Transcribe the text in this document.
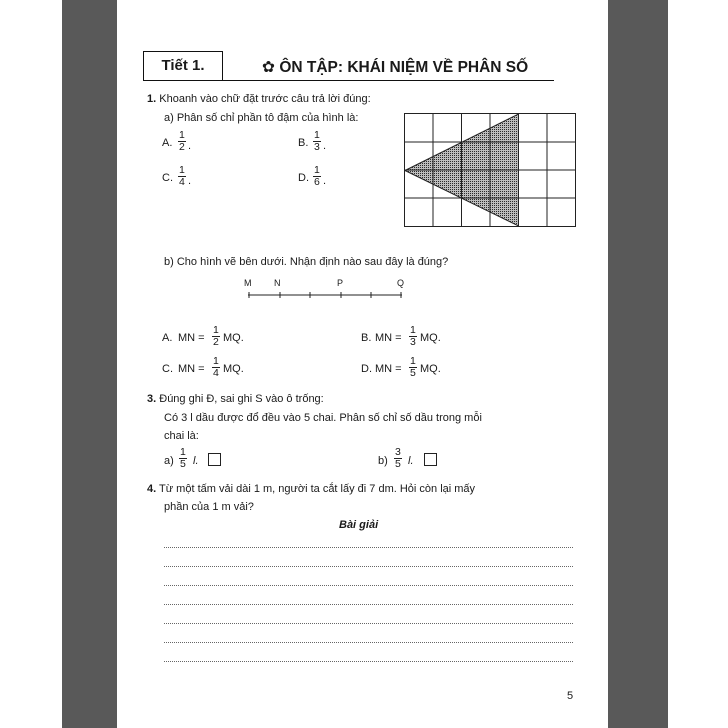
Tiết 1.	✿ ÔN TẬP: KHÁI NIỆM VỀ PHÂN SỐ
1. Khoanh vào chữ đặt trước câu trả lời đúng:
a) Phân số chỉ phần tô đậm của hình là:
A. $\frac{1}{2}$ .	B. $\frac{1}{3}$ .
C. $\frac{1}{4}$ .	D. $\frac{1}{6}$ .
b) Cho hình vẽ bên dưới. Nhận định nào sau đây là đúng?
M	N	P	Q
A. MN = $\frac{1}{2}$ MQ.	B. MN = $\frac{1}{3}$ MQ.
C. MN = $\frac{1}{4}$ MQ.	D. MN = $\frac{1}{5}$ MQ.
3. Đúng ghi Đ, sai ghi S vào ô trống:
Có 3 l dầu được đổ đều vào 5 chai. Phân số chỉ số dầu trong mỗi
chai là:
$a) \frac{1}{5} l$.	$b) \frac{3}{5} l$.
4. Từ một tấm vải dài 1 m, người ta cắt lấy đi 7 dm. Hỏi còn lại mấy
phần của 1 m vải?
Bài giải
5
